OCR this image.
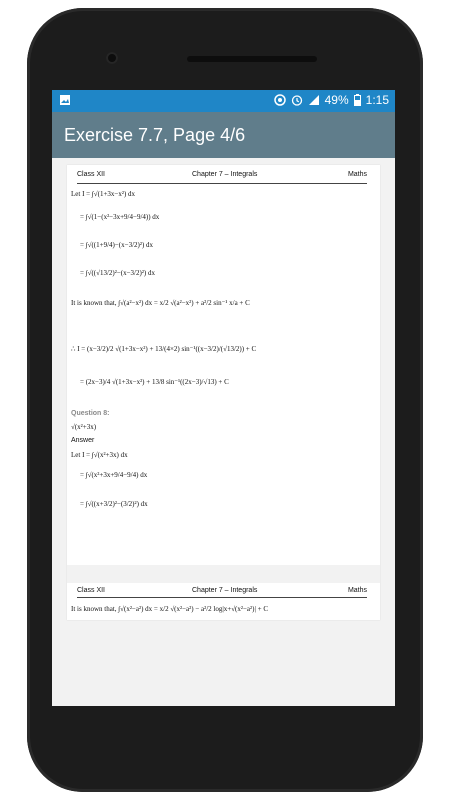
49% 1:15
Exercise 7.7, Page 4/6
Class XII	Chapter 7 – Integrals	Maths
Let I = ∫√(1+3x−x²) dx
= ∫√(1−(x²−3x+9/4−9/4)) dx
= ∫√((1+9/4)−(x−3/2)²) dx
= ∫√((√13/2)²−(x−3/2)²) dx
It is known that, ∫√(a²−x²) dx = x/2 √(a²−x²) + a²/2 sin⁻¹ x/a + C
∴ I = (x−3/2)/2 √(1+3x−x²) + 13/(4×2) sin⁻¹((x−3/2)/(√13/2)) + C
= (2x−3)/4 √(1+3x−x²) + 13/8 sin⁻¹((2x−3)/√13) + C
Question 8:
√(x²+3x)
Answer
Let I = ∫√(x²+3x) dx
= ∫√(x²+3x+9/4−9/4) dx
= ∫√((x+3/2)²−(3/2)²) dx
Class XII	Chapter 7 – Integrals	Maths
It is known that, ∫√(x²−a²) dx = x/2 √(x²−a²) − a²/2 log|x+√(x²−a²)| + C
